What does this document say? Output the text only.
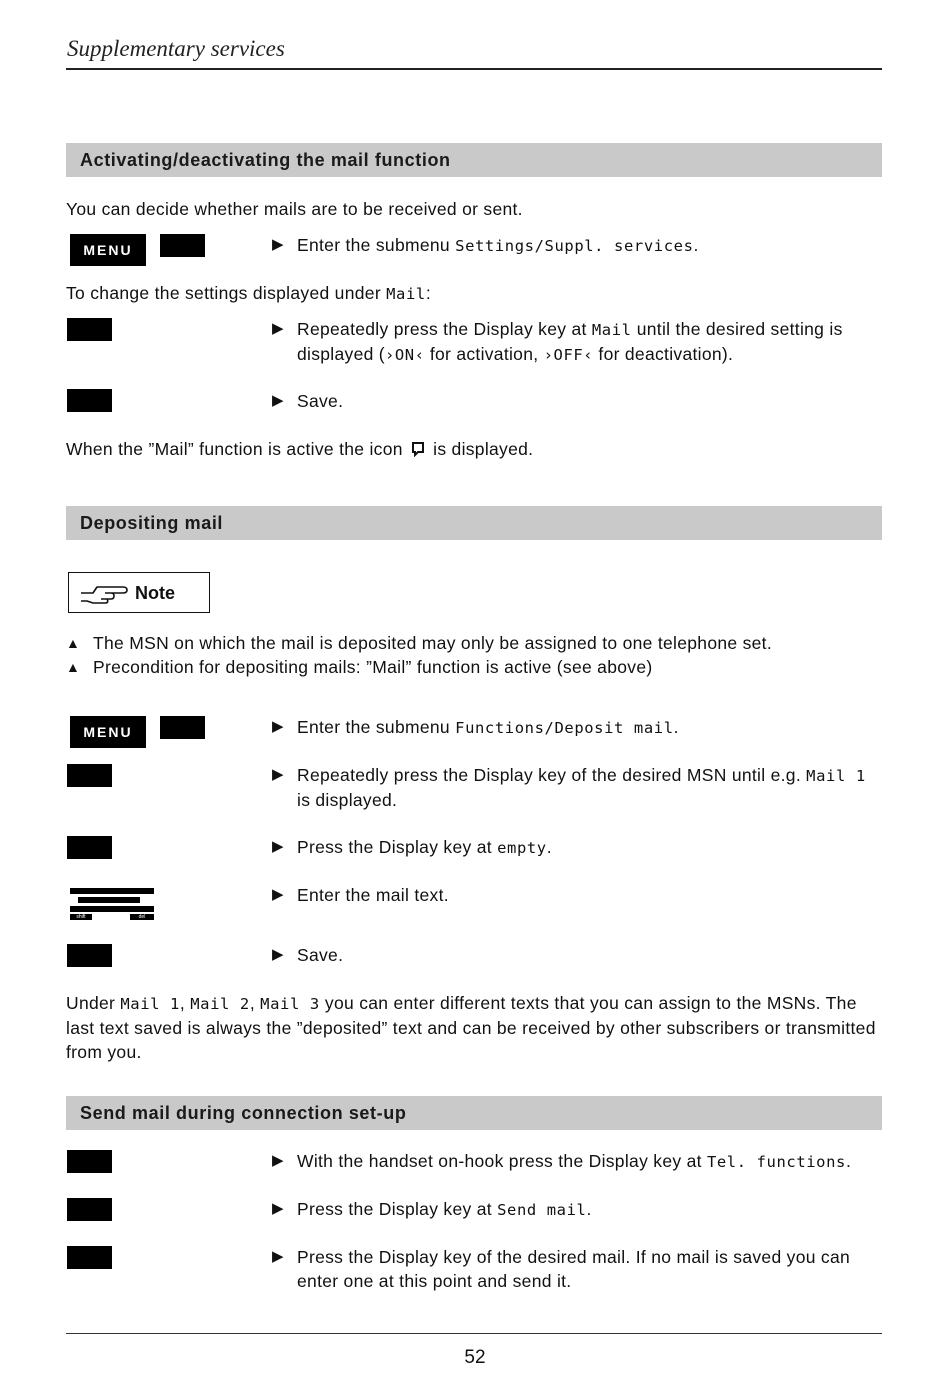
Supplementary services
Activating/deactivating the mail function
You can decide whether mails are to be received or sent.
MENU	▶ Enter the submenu Settings/Suppl. services.
To change the settings displayed under Mail:
▶ Repeatedly press the Display key at Mail until the desired setting is displayed (›ON‹ for activation, ›OFF‹ for deactivation).
▶ Save.
When the ”Mail” function is active the icon  is displayed.
Depositing mail
Note
▲ The MSN on which the mail is deposited may only be assigned to one telephone set.
▲ Precondition for depositing mails: ”Mail” function is active (see above)
MENU	▶ Enter the submenu Functions/Deposit mail.
▶ Repeatedly press the Display key of the desired MSN until e.g. Mail 1 is displayed.
▶ Press the Display key at empty.
shift	del
▶ Enter the mail text.
▶ Save.
Under Mail 1, Mail 2, Mail 3 you can enter different texts that you can assign to the MSNs. The last text saved is always the ”deposited” text and can be received by other subscribers or transmitted from you.
Send mail during connection set-up
▶ With the handset on-hook press the Display key at Tel. functions.
▶ Press the Display key at Send mail.
▶ Press the Display key of the desired mail. If no mail is saved you can enter one at this point and send it.
52
